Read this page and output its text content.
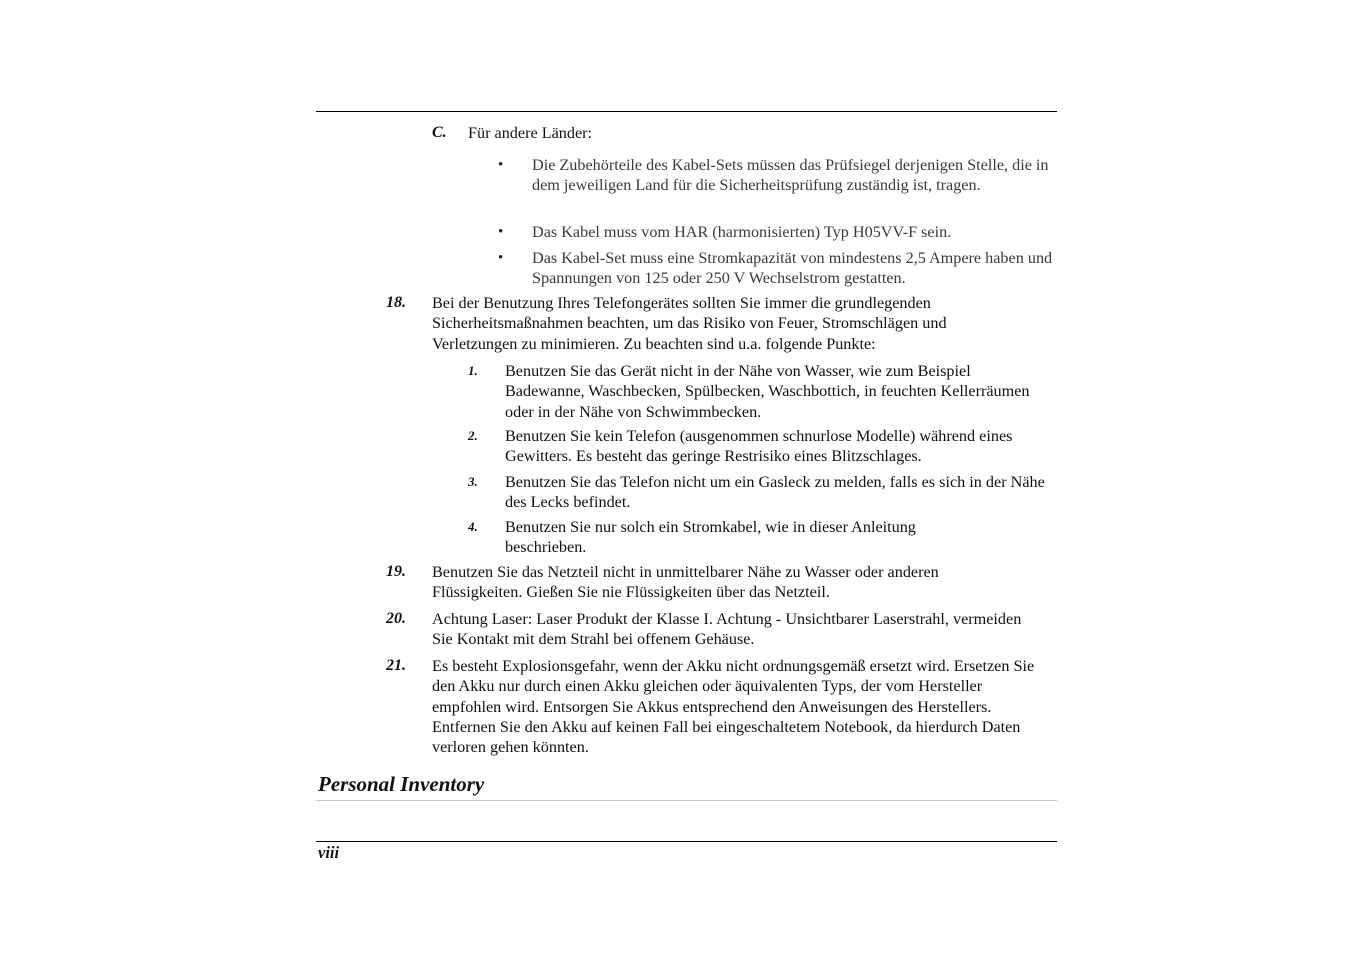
C. Für andere Länder:
• Die Zubehörteile des Kabel-Sets müssen das Prüfsiegel derjenigen Stelle, die in dem jeweiligen Land für die Sicherheitsprüfung zuständig ist, tragen.
• Das Kabel muss vom HAR (harmonisierten) Typ H05VV-F sein.
• Das Kabel-Set muss eine Stromkapazität von mindestens 2,5 Ampere haben und Spannungen von 125 oder 250 V Wechselstrom gestatten.
18. Bei der Benutzung Ihres Telefongerätes sollten Sie immer die grundlegenden Sicherheitsmaßnahmen beachten, um das Risiko von Feuer, Stromschlägen und Verletzungen zu minimieren. Zu beachten sind u.a. folgende Punkte:
1. Benutzen Sie das Gerät nicht in der Nähe von Wasser, wie zum Beispiel Badewanne, Waschbecken, Spülbecken, Waschbottich, in feuchten Kellerräumen oder in der Nähe von Schwimmbecken.
2. Benutzen Sie kein Telefon (ausgenommen schnurlose Modelle) während eines Gewitters. Es besteht das geringe Restrisiko eines Blitzschlages.
3. Benutzen Sie das Telefon nicht um ein Gasleck zu melden, falls es sich in der Nähe des Lecks befindet.
4. Benutzen Sie nur solch ein Stromkabel, wie in dieser Anleitung beschrieben.
19. Benutzen Sie das Netzteil nicht in unmittelbarer Nähe zu Wasser oder anderen Flüssigkeiten. Gießen Sie nie Flüssigkeiten über das Netzteil.
20. Achtung Laser: Laser Produkt der Klasse I. Achtung - Unsichtbarer Laserstrahl, vermeiden Sie Kontakt mit dem Strahl bei offenem Gehäuse.
21. Es besteht Explosionsgefahr, wenn der Akku nicht ordnungsgemäß ersetzt wird. Ersetzen Sie den Akku nur durch einen Akku gleichen oder äquivalenten Typs, der vom Hersteller empfohlen wird. Entsorgen Sie Akkus entsprechend den Anweisungen des Herstellers. Entfernen Sie den Akku auf keinen Fall bei eingeschaltetem Notebook, da hierdurch Daten verloren gehen könnten.
Personal Inventory
viii
